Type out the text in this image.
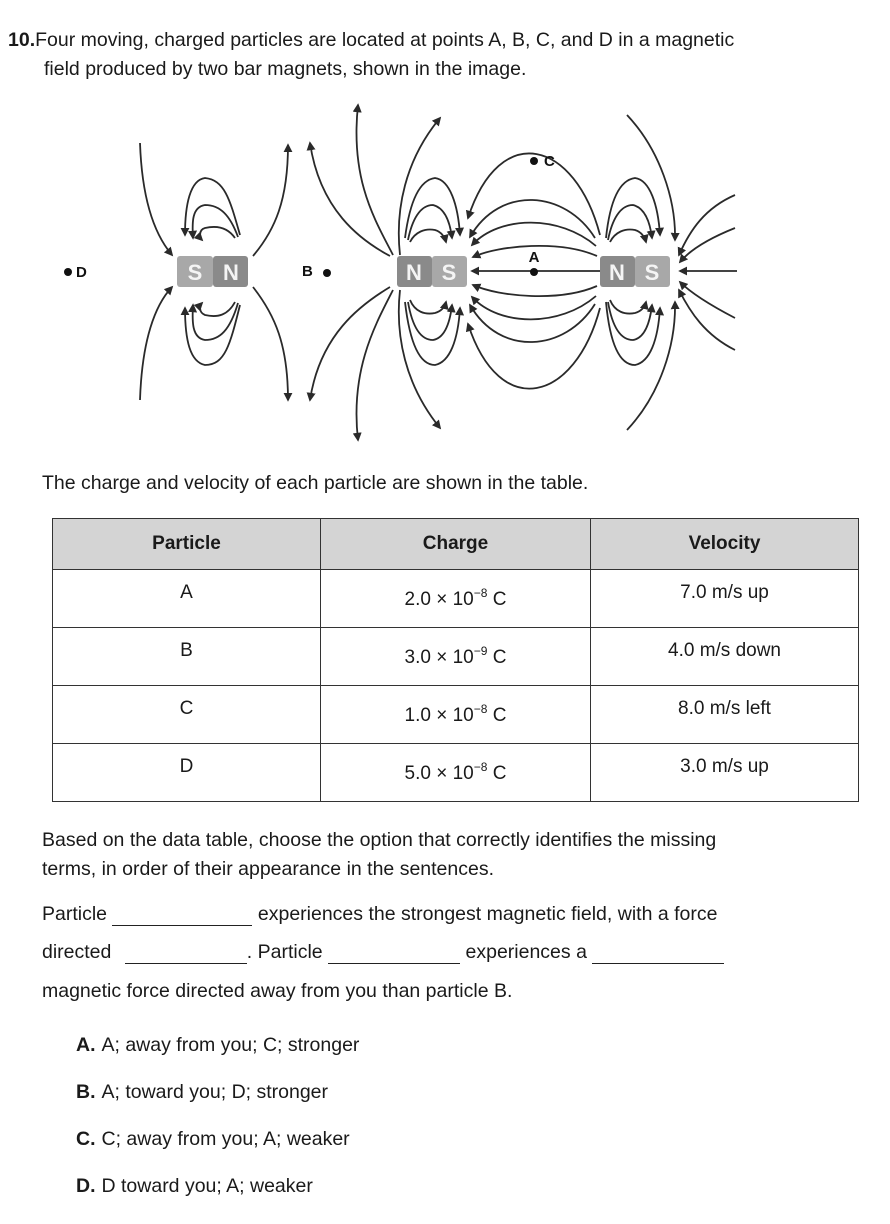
10.Four moving, charged particles are located at points A, B, C, and D in a magnetic
field produced by two bar magnets, shown in the image.
S N	N S	N S
D	B
A
C
The charge and velocity of each particle are shown in the table.
Particle	Charge	Velocity
A	$2.0 \times 10^{-8}$ C	7.0 m/s up
B	$3.0 \times 10^{-9}$ C	4.0 m/s down
C	$1.0 \times 10^{-8}$ C	8.0 m/s left
D	$5.0 \times 10^{-8}$ C	3.0 m/s up
Based on the data table, choose the option that correctly identifies the missing
terms, in order of their appearance in the sentences.
Particle	experiences the strongest magnetic field, with a force
directed	. Particle	experiences a
magnetic force directed away from you than particle B.
A. A; away from you; C; stronger
B. A; toward you; D; stronger
C. C; away from you; A; weaker
D. D toward you; A; weaker
